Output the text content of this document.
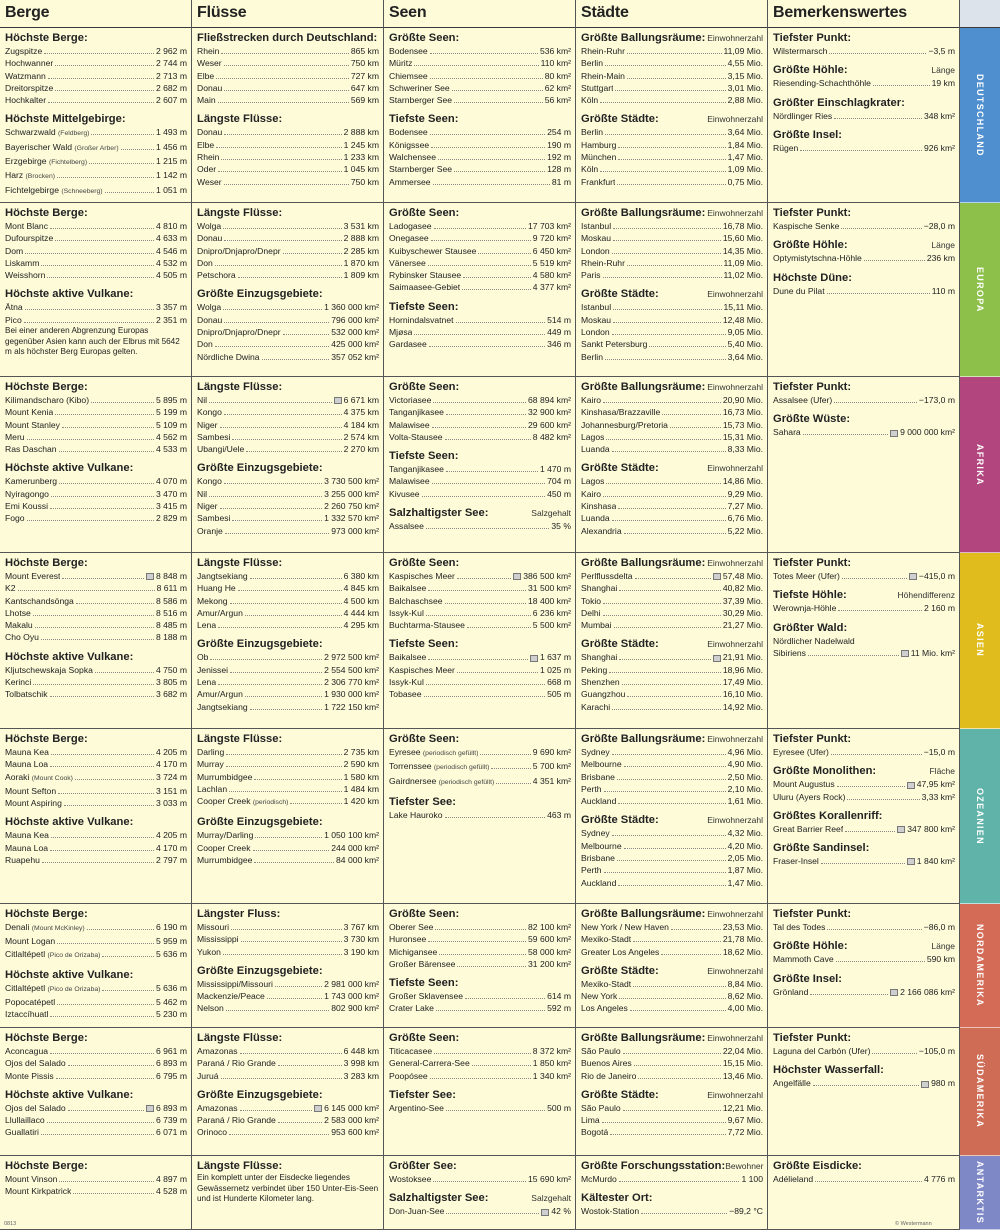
Berge	Flüsse	Seen	Städte	Bemerkenswertes
Höchste Berge:
Zugspitze	2 962 m
Hochwanner	2 744 m
Watzmann	2 713 m
Dreitorspitze	2 682 m
Hochkalter	2 607 m
Höchste Mittelgebirge:
Schwarzwald (Feldberg)	1 493 m
Bayerischer Wald (Großer Arber)	1 456 m
Erzgebirge (Fichtelberg)	1 215 m
Harz (Brocken)	1 142 m
Fichtelgebirge (Schneeberg)	1 051 m
Fließstrecken durch Deutschland:
Rhein	865 km
Weser	750 km
Elbe	727 km
Donau	647 km
Main	569 km
Längste Flüsse:
Donau	2 888 km
Elbe	1 245 km
Rhein	1 233 km
Oder	1 045 km
Weser	750 km
Größte Seen:
Bodensee	536 km²
Müritz	110 km²
Chiemsee	80 km²
Schweriner See	62 km²
Starnberger See	56 km²
Tiefste Seen:
Bodensee	254 m
Königssee	190 m
Walchensee	192 m
Starnberger See	128 m
Ammersee	81 m
Größte Ballungsräume: Einwohnerzahl
Rhein-Ruhr	11,09 Mio.
Berlin	4,55 Mio.
Rhein-Main	3,15 Mio.
Stuttgart	3,01 Mio.
Köln	2,88 Mio.
Größte Städte:	Einwohnerzahl
Berlin	3,64 Mio.
Hamburg	1,84 Mio.
München	1,47 Mio.
Köln	1,09 Mio.
Frankfurt	0,75 Mio.
Tiefster Punkt:
Wilstermarsch	−3,5 m
Größte Höhle:	Länge
Riesending-Schachthöhle	19 km
Größter Einschlagkrater:
Nördlinger Ries	348 km²
Größte Insel:
Rügen	926 km²
Höchste Berge:
Mont Blanc	4 810 m
Dufourspitze	4 633 m
Dom	4 546 m
Liskamm	4 532 m
Weisshorn	4 505 m
Höchste aktive Vulkane:
Ätna	3 357 m
Pico	2 351 m
Bei einer anderen Abgrenzung Europas gegenüber Asien kann auch der Elbrus mit 5642 m als höchster Berg Europas gelten.
Längste Flüsse:
Wolga	3 531 km
Donau	2 888 km
Dnipro/Dnjapro/Dnepr	2 285 km
Don	1 870 km
Petschora	1 809 km
Größte Einzugsgebiete:
Wolga	1 360 000 km²
Donau	796 000 km²
Dnipro/Dnjapro/Dnepr	532 000 km²
Don	425 000 km²
Nördliche Dwina	357 052 km²
Größte Seen:
Ladogasee	17 703 km²
Onegasee	9 720 km²
Kuibyschewer Stausee	6 450 km²
Vänersee	5 519 km²
Rybinsker Stausee	4 580 km²
Saimaasee-Gebiet	4 377 km²
Tiefste Seen:
Hornindalsvatnet	514 m
Mjøsa	449 m
Gardasee	346 m
Größte Ballungsräume: Einwohnerzahl
Istanbul	16,78 Mio.
Moskau	15,60 Mio.
London	14,35 Mio.
Rhein-Ruhr	11,09 Mio.
Paris	11,02 Mio.
Größte Städte:	Einwohnerzahl
Istanbul	15,11 Mio.
Moskau	12,48 Mio.
London	9,05 Mio.
Sankt Petersburg	5,40 Mio.
Berlin	3,64 Mio.
Tiefster Punkt:
Kaspische Senke	−28,0 m
Größte Höhle:	Länge
Optymistytschna-Höhle	236 km
Höchste Düne:
Dune du Pilat	110 m
Höchste Berge:
Kilimandscharo (Kibo)	5 895 m
Mount Kenia	5 199 m
Mount Stanley	5 109 m
Meru	4 562 m
Ras Daschan	4 533 m
Höchste aktive Vulkane:
Kamerunberg	4 070 m
Nyiragongo	3 470 m
Emi Koussi	3 415 m
Fogo	2 829 m
Längste Flüsse:
Nil	6 671 km
Kongo	4 375 km
Niger	4 184 km
Sambesi	2 574 km
Ubangi/Uele	2 270 km
Größte Einzugsgebiete:
Kongo	3 730 500 km²
Nil	3 255 000 km²
Niger	2 260 750 km²
Sambesi	1 332 570 km²
Oranje	973 000 km²
Größte Seen:
Victoriasee	68 894 km²
Tanganjikasee	32 900 km²
Malawisee	29 600 km²
Volta-Stausee	8 482 km²
Tiefste Seen:
Tanganjikasee	1 470 m
Malawisee	704 m
Kivusee	450 m
Salzhaltigster See:	Salzgehalt
Assalsee	35 %
Größte Ballungsräume: Einwohnerzahl
Kairo	20,90 Mio.
Kinshasa/Brazzaville	16,73 Mio.
Johannesburg/Pretoria	15,73 Mio.
Lagos	15,31 Mio.
Luanda	8,33 Mio.
Größte Städte:	Einwohnerzahl
Lagos	14,86 Mio.
Kairo	9,29 Mio.
Kinshasa	7,27 Mio.
Luanda	6,76 Mio.
Alexandria	5,22 Mio.
Tiefster Punkt:
Assalsee (Ufer)	−173,0 m
Größte Wüste:
Sahara	9 000 000 km²
Höchste Berge:
Mount Everest	8 848 m
K2	8 611 m
Kantschandsönga	8 586 m
Lhotse	8 516 m
Makalu	8 485 m
Cho Oyu	8 188 m
Höchste aktive Vulkane:
Kljutschewskaja Sopka	4 750 m
Kerinci	3 805 m
Tolbatschik	3 682 m
Längste Flüsse:
Jangtsekiang	6 380 km
Huang He	4 845 km
Mekong	4 500 km
Amur/Argun	4 444 km
Lena	4 295 km
Größte Einzugsgebiete:
Ob	2 972 500 km²
Jenissei	2 554 500 km²
Lena	2 306 770 km²
Amur/Argun	1 930 000 km²
Jangtsekiang	1 722 150 km²
Größte Seen:
Kaspisches Meer	386 500 km²
Baikalsee	31 500 km²
Balchaschsee	18 400 km²
Issyk-Kul	6 236 km²
Buchtarma-Stausee	5 500 km²
Tiefste Seen:
Baikalsee	1 637 m
Kaspisches Meer	1 025 m
Issyk-Kul	668 m
Tobasee	505 m
Größte Ballungsräume: Einwohnerzahl
Perlflussdelta	57,48 Mio.
Shanghai	40,82 Mio.
Tokio	37,39 Mio.
Delhi	30,29 Mio.
Mumbai	21,27 Mio.
Größte Städte:	Einwohnerzahl
Shanghai	21,91 Mio.
Peking	18,96 Mio.
Shenzhen	17,49 Mio.
Guangzhou	16,10 Mio.
Karachi	14,92 Mio.
Tiefster Punkt:
Totes Meer (Ufer)	−415,0 m
Tiefste Höhle:	Höhendifferenz
Werownja-Höhle	2 160 m
Größter Wald:
Nördlicher Nadelwald
Sibiriens	11 Mio. km²
Höchste Berge:
Mauna Kea	4 205 m
Mauna Loa	4 170 m
Aoraki (Mount Cook)	3 724 m
Mount Sefton	3 151 m
Mount Aspiring	3 033 m
Höchste aktive Vulkane:
Mauna Kea	4 205 m
Mauna Loa	4 170 m
Ruapehu	2 797 m
Längste Flüsse:
Darling	2 735 km
Murray	2 590 km
Murrumbidgee	1 580 km
Lachlan	1 484 km
Cooper Creek (periodisch)	1 420 km
Größte Einzugsgebiete:
Murray/Darling	1 050 100 km²
Cooper Creek	244 000 km²
Murrumbidgee	84 000 km²
Größte Seen:
Eyresee (periodisch gefüllt)	9 690 km²
Torrenssee (periodisch gefüllt)	5 700 km²
Gairdnersee (periodisch gefüllt)	4 351 km²
Tiefster See:
Lake Hauroko	463 m
Größte Ballungsräume: Einwohnerzahl
Sydney	4,96 Mio.
Melbourne	4,90 Mio.
Brisbane	2,50 Mio.
Perth	2,10 Mio.
Auckland	1,61 Mio.
Größte Städte:	Einwohnerzahl
Sydney	4,32 Mio.
Melbourne	4,20 Mio.
Brisbane	2,05 Mio.
Perth	1,87 Mio.
Auckland	1,47 Mio.
Tiefster Punkt:
Eyresee (Ufer)	−15,0 m
Größte Monolithen:	Fläche
Mount Augustus	47,95 km²
Uluru (Ayers Rock)	3,33 km²
Größtes Korallenriff:
Great Barrier Reef	347 800 km²
Größte Sandinsel:
Fraser-Insel	1 840 km²
Höchste Berge:
Denali (Mount McKinley)	6 190 m
Mount Logan	5 959 m
Citlaltépetl (Pico de Orizaba)	5 636 m
Höchste aktive Vulkane:
Citlaltépetl (Pico de Orizaba)	5 636 m
Popocatépetl	5 462 m
Iztaccíhuatl	5 230 m
Längster Fluss:
Missouri	3 767 km
Mississippi	3 730 km
Yukon	3 190 km
Größte Einzugsgebiete:
Mississippi/Missouri	2 981 000 km²
Mackenzie/Peace	1 743 000 km²
Nelson	802 900 km²
Größte Seen:
Oberer See	82 100 km²
Huronsee	59 600 km²
Michigansee	58 000 km²
Großer Bärensee	31 200 km²
Tiefste Seen:
Großer Sklavensee	614 m
Crater Lake	592 m
Größte Ballungsräume: Einwohnerzahl
New York / New Haven	23,53 Mio.
Mexiko-Stadt	21,78 Mio.
Greater Los Angeles	18,62 Mio.
Größte Städte:	Einwohnerzahl
Mexiko-Stadt	8,84 Mio.
New York	8,62 Mio.
Los Angeles	4,00 Mio.
Tiefster Punkt:
Tal des Todes	−86,0 m
Größte Höhle:	Länge
Mammoth Cave	590 km
Größte Insel:
Grönland	2 166 086 km²
Höchste Berge:
Aconcagua	6 961 m
Ojos del Salado	6 893 m
Monte Pissis	6 795 m
Höchste aktive Vulkane:
Ojos del Salado	6 893 m
Llullaillaco	6 739 m
Guallatiri	6 071 m
Längste Flüsse:
Amazonas	6 448 km
Paraná / Rio Grande	3 998 km
Juruá	3 283 km
Größte Einzugsgebiete:
Amazonas	6 145 000 km²
Paraná / Rio Grande	2 583 000 km²
Orinoco	953 600 km²
Größte Seen:
Titicacasee	8 372 km²
General-Carrera-See	1 850 km²
Poopósee	1 340 km²
Tiefster See:
Argentino-See	500 m
Größte Ballungsräume: Einwohnerzahl
São Paulo	22,04 Mio.
Buenos Aires	15,15 Mio.
Rio de Janeiro	13,46 Mio.
Größte Städte:	Einwohnerzahl
São Paulo	12,21 Mio.
Lima	9,67 Mio.
Bogotá	7,72 Mio.
Tiefster Punkt:
Laguna del Carbón (Ufer)	−105,0 m
Höchster Wasserfall:
Angelfälle	980 m
Höchste Berge:
Mount Vinson	4 897 m
Mount Kirkpatrick	4 528 m
Längste Flüsse:
Ein komplett unter der Eisdecke liegendes Gewässernetz verbindet über 150 Unter-Eis-Seen und ist Hunderte Kilometer lang.
Größter See:
Wostoksee	15 690 km²
Salzhaltigster See:	Salzgehalt
Don-Juan-See	42 %
Größte Forschungsstation: Bewohner
McMurdo	1 100
Kältester Ort:
Wostok-Station	−89,2 °C
Größte Eisdicke:
Adélieland	4 776 m
DEUTSCHLAND
EUROPA
AFRIKA
ASIEN
OZEANIEN
NORDAMERIKA
SÜDAMERIKA
ANTARKTIS
0813	© Westermann
